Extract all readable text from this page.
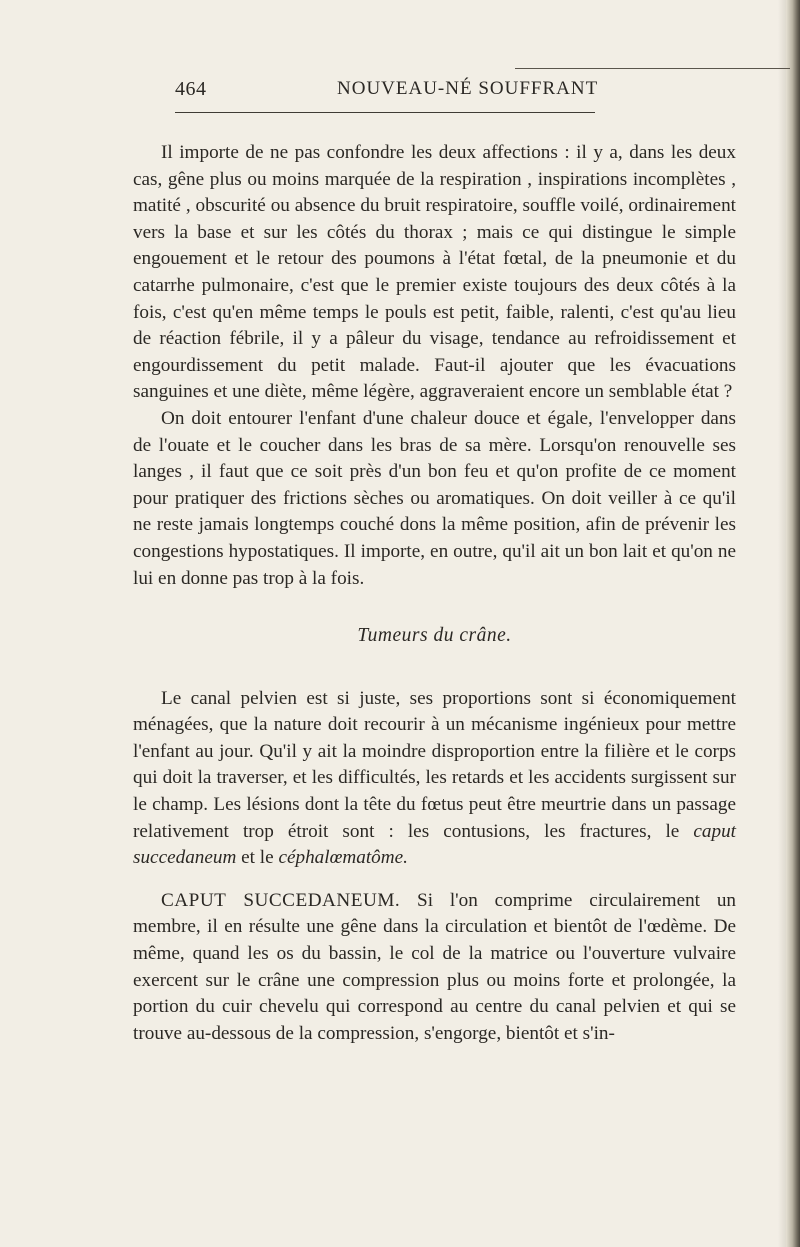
464	NOUVEAU-NÉ SOUFFRANT

Il importe de ne pas confondre les deux affections : il y a, dans les deux cas, gêne plus ou moins marquée de la respiration , inspirations incomplètes , matité , obscurité ou absence du bruit respiratoire, souffle voilé, ordinairement vers la base et sur les côtés du thorax ; mais ce qui distingue le simple engouement et le retour des poumons à l'état fœtal, de la pneumonie et du catarrhe pulmonaire, c'est que le premier existe toujours des deux côtés à la fois, c'est qu'en même temps le pouls est petit, faible, ralenti, c'est qu'au lieu de réaction fébrile, il y a pâleur du visage, tendance au refroidissement et engourdissement du petit malade. Faut-il ajouter que les évacuations sanguines et une diète, même légère, aggraveraient encore un semblable état ?

On doit entourer l'enfant d'une chaleur douce et égale, l'envelopper dans de l'ouate et le coucher dans les bras de sa mère. Lorsqu'on renouvelle ses langes , il faut que ce soit près d'un bon feu et qu'on profite de ce moment pour pratiquer des frictions sèches ou aromatiques. On doit veiller à ce qu'il ne reste jamais longtemps couché dons la même position, afin de prévenir les congestions hypostatiques. Il importe, en outre, qu'il ait un bon lait et qu'on ne lui en donne pas trop à la fois.

Tumeurs du crâne.

Le canal pelvien est si juste, ses proportions sont si économiquement ménagées, que la nature doit recourir à un mécanisme ingénieux pour mettre l'enfant au jour. Qu'il y ait la moindre disproportion entre la filière et le corps qui doit la traverser, et les difficultés, les retards et les accidents surgissent sur le champ. Les lésions dont la tête du fœtus peut être meurtrie dans un passage relativement trop étroit sont : les contusions, les fractures, le caput succedaneum et le céphalœmatôme.

CAPUT SUCCEDANEUM. Si l'on comprime circulairement un membre, il en résulte une gêne dans la circulation et bientôt de l'œdème. De même, quand les os du bassin, le col de la matrice ou l'ouverture vulvaire exercent sur le crâne une compression plus ou moins forte et prolongée, la portion du cuir chevelu qui correspond au centre du canal pelvien et qui se trouve au-dessous de la compression, s'engorge, bientôt et s'in-
